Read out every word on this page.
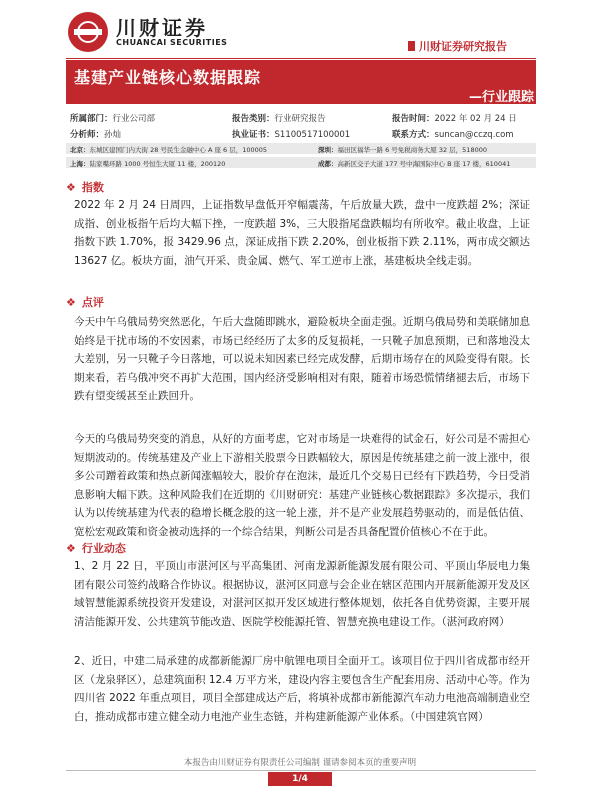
川财证券
CHUANCAI SECURITIES	川财证券研究报告
基建产业链核心数据跟踪
—行业跟踪
所属部门：行业公司部	报告类别：行业研究报告	报告时间：2022 年 02 月 24 日
分析师：孙灿	执业证书：S1100517100001	联系方式：suncan@cczq.com
北京：东城区建国门内大街 28 号民生金融中心 A 座 6 层，100005	深圳：福田区福华一路 6 号免税商务大厦 32 层，518000
上海：陆家嘴环路 1000 号恒生大厦 11 楼，200120	成都：高新区交子大道 177 号中海国际中心 B 座 17 楼，610041
❖ 指数

2022 年 2 月 24 日周四，上证指数早盘低开窄幅震荡，午后放量大跌，盘中一度跌超 2%；深证成指、创业板指午后均大幅下挫，一度跌超 3%，三大股指尾盘跌幅均有所收窄。截止收盘，上证指数下跌 1.70%，报 3429.96 点，深证成指下跌 2.20%，创业板指下跌 2.11%，两市成交额达 13627 亿。板块方面，油气开采、贵金属、燃气、军工逆市上涨，基建板块全线走弱。

❖ 点评

今天中午乌俄局势突然恶化，午后大盘随即跳水，避险板块全面走强。近期乌俄局势和美联储加息始终是干扰市场的不安因素，市场已经经历了太多的反复损耗，一只靴子加息预期，已和落地没太大差别，另一只靴子今日落地，可以说未知因素已经完成发酵，后期市场存在的风险变得有限。长期来看，若乌俄冲突不再扩大范围，国内经济受影响相对有限，随着市场恐慌情绪褪去后，市场下跌有望变缓甚至止跌回升。

今天的乌俄局势突变的消息，从好的方面考虑，它对市场是一块难得的试金石，好公司是不需担心短期波动的。传统基建及产业上下游相关股票今日跌幅较大，原因是传统基建之前一波上涨中，很多公司蹭着政策和热点新闻涨幅较大，股价存在泡沫，最近几个交易日已经有下跌趋势，今日受消息影响大幅下跌。这种风险我们在近期的《川财研究：基建产业链核心数据跟踪》多次提示，我们认为以传统基建为代表的稳增长概念股的这一轮上涨，并不是产业发展趋势驱动的，而是低估值、宽松宏观政策和资金被动选择的一个综合结果，判断公司是否具备配置价值核心不在于此。

❖ 行业动态

1、2 月 22 日，平顶山市湛河区与平高集团、河南龙源新能源发展有限公司、平顶山华辰电力集团有限公司签约战略合作协议。根据协议，湛河区同意与会企业在辖区范围内开展新能源开发及区域智慧能源系统投资开发建设，对湛河区拟开发区域进行整体规划，依托各自优势资源，主要开展清洁能源开发、公共建筑节能改造、医院学校能源托管、智慧充换电建设工作。（湛河政府网）

2、近日，中建二局承建的成都新能源厂房中航锂电项目全面开工。该项目位于四川省成都市经开区（龙泉驿区），总建筑面积 12.4 万平方米，建设内容主要包含生产配套用房、活动中心等。作为四川省 2022 年重点项目，项目全部建成达产后，将填补成都市新能源汽车动力电池高端制造业空白，推动成都市建立健全动力电池产业生态链，并构建新能源产业体系。（中国建筑官网）

本报告由川财证券有限责任公司编制 谨请参阅本页的重要声明
1/4
